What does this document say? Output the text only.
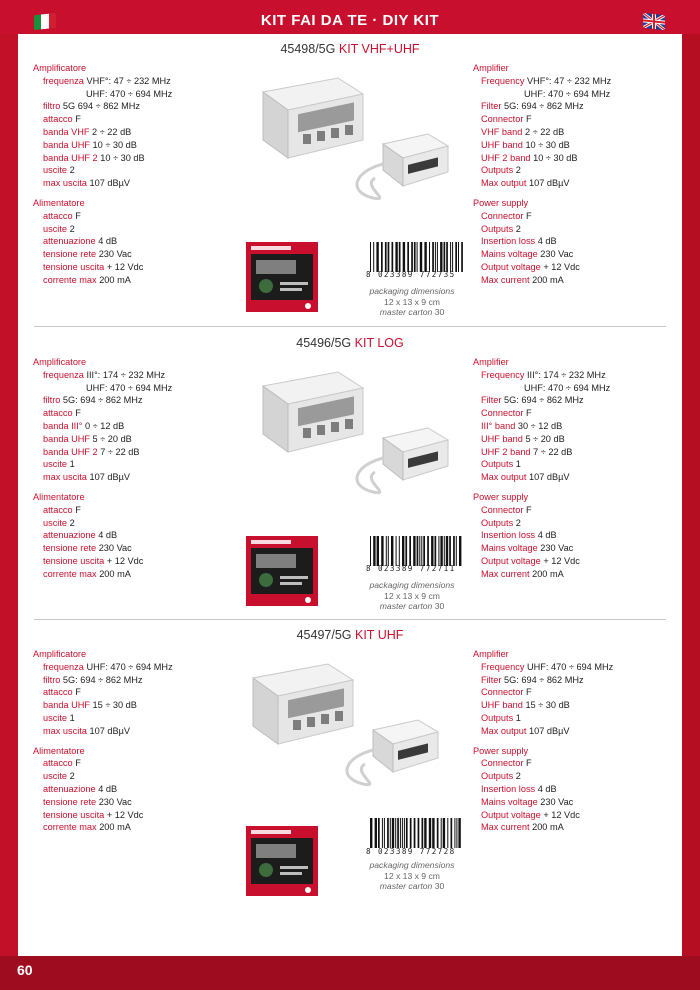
KIT FAI DA TE · DIY KIT
45498/5G KIT VHF+UHF
Amplificatore
frequenza VHF°: 47 ÷ 232 MHz
UHF: 470 ÷ 694 MHz
filtro 5G 694 ÷ 862 MHz
attacco F
banda VHF 2 ÷ 22 dB
banda UHF 10 ÷ 30 dB
banda UHF 2 10 ÷ 30 dB
uscite 2
max uscita 107 dBµV
Alimentatore
attacco F
uscite 2
attenuazione 4 dB
tensione rete 230 Vac
tensione uscita + 12 Vdc
corrente max 200 mA
Amplifier
Frequency VHF°: 47 ÷ 232 MHz
UHF: 470 ÷ 694 MHz
Filter 5G: 694 ÷ 862 MHz
Connector F
VHF band 2 ÷ 22 dB
UHF band 10 ÷ 30 dB
UHF 2 band 10 ÷ 30 dB
Outputs 2
Max output 107 dBµV
Power supply
Connector F
Outputs 2
Insertion loss 4 dB
Mains voltage 230 Vac
Output voltage + 12 Vdc
Max current 200 mA
8 023389 772735
packaging dimensions
12 x 13 x 9 cm
master carton 30
45496/5G KIT LOG
Amplificatore
frequenza III°: 174 ÷ 232 MHz
UHF: 470 ÷ 694 MHz
filtro 5G: 694 ÷ 862 MHz
attacco F
banda III° 0 ÷ 12 dB
banda UHF 5 ÷ 20 dB
banda UHF 2 7 ÷ 22 dB
uscite 1
max uscita 107 dBµV
Alimentatore
attacco F
uscite 2
attenuazione 4 dB
tensione rete 230 Vac
tensione uscita + 12 Vdc
corrente max 200 mA
Amplifier
Frequency III°: 174 ÷ 232 MHz
UHF: 470 ÷ 694 MHz
Filter 5G: 694 ÷ 862 MHz
Connector F
III° band 30 ÷ 12 dB
UHF band 5 ÷ 20 dB
UHF 2 band 7 ÷ 22 dB
Outputs 1
Max output 107 dBµV
Power supply
Connector F
Outputs 2
Insertion loss 4 dB
Mains voltage 230 Vac
Output voltage + 12 Vdc
Max current 200 mA
8 023389 772711
packaging dimensions
12 x 13 x 9 cm
master carton 30
45497/5G KIT UHF
Amplificatore
frequenza UHF: 470 ÷ 694 MHz
filtro 5G: 694 ÷ 862 MHz
attacco F
banda UHF 15 ÷ 30 dB
uscite 1
max uscita 107 dBµV
Alimentatore
attacco F
uscite 2
attenuazione 4 dB
tensione rete 230 Vac
tensione uscita + 12 Vdc
corrente max 200 mA
Amplifier
Frequency UHF: 470 ÷ 694 MHz
Filter 5G: 694 ÷ 862 MHz
Connector F
UHF band 15 ÷ 30 dB
Outputs 1
Max output 107 dBµV
Power supply
Connector F
Outputs 2
Insertion loss 4 dB
Mains voltage 230 Vac
Output voltage + 12 Vdc
Max current 200 mA
8 023389 772728
packaging dimensions
12 x 13 x 9 cm
master carton 30
60
